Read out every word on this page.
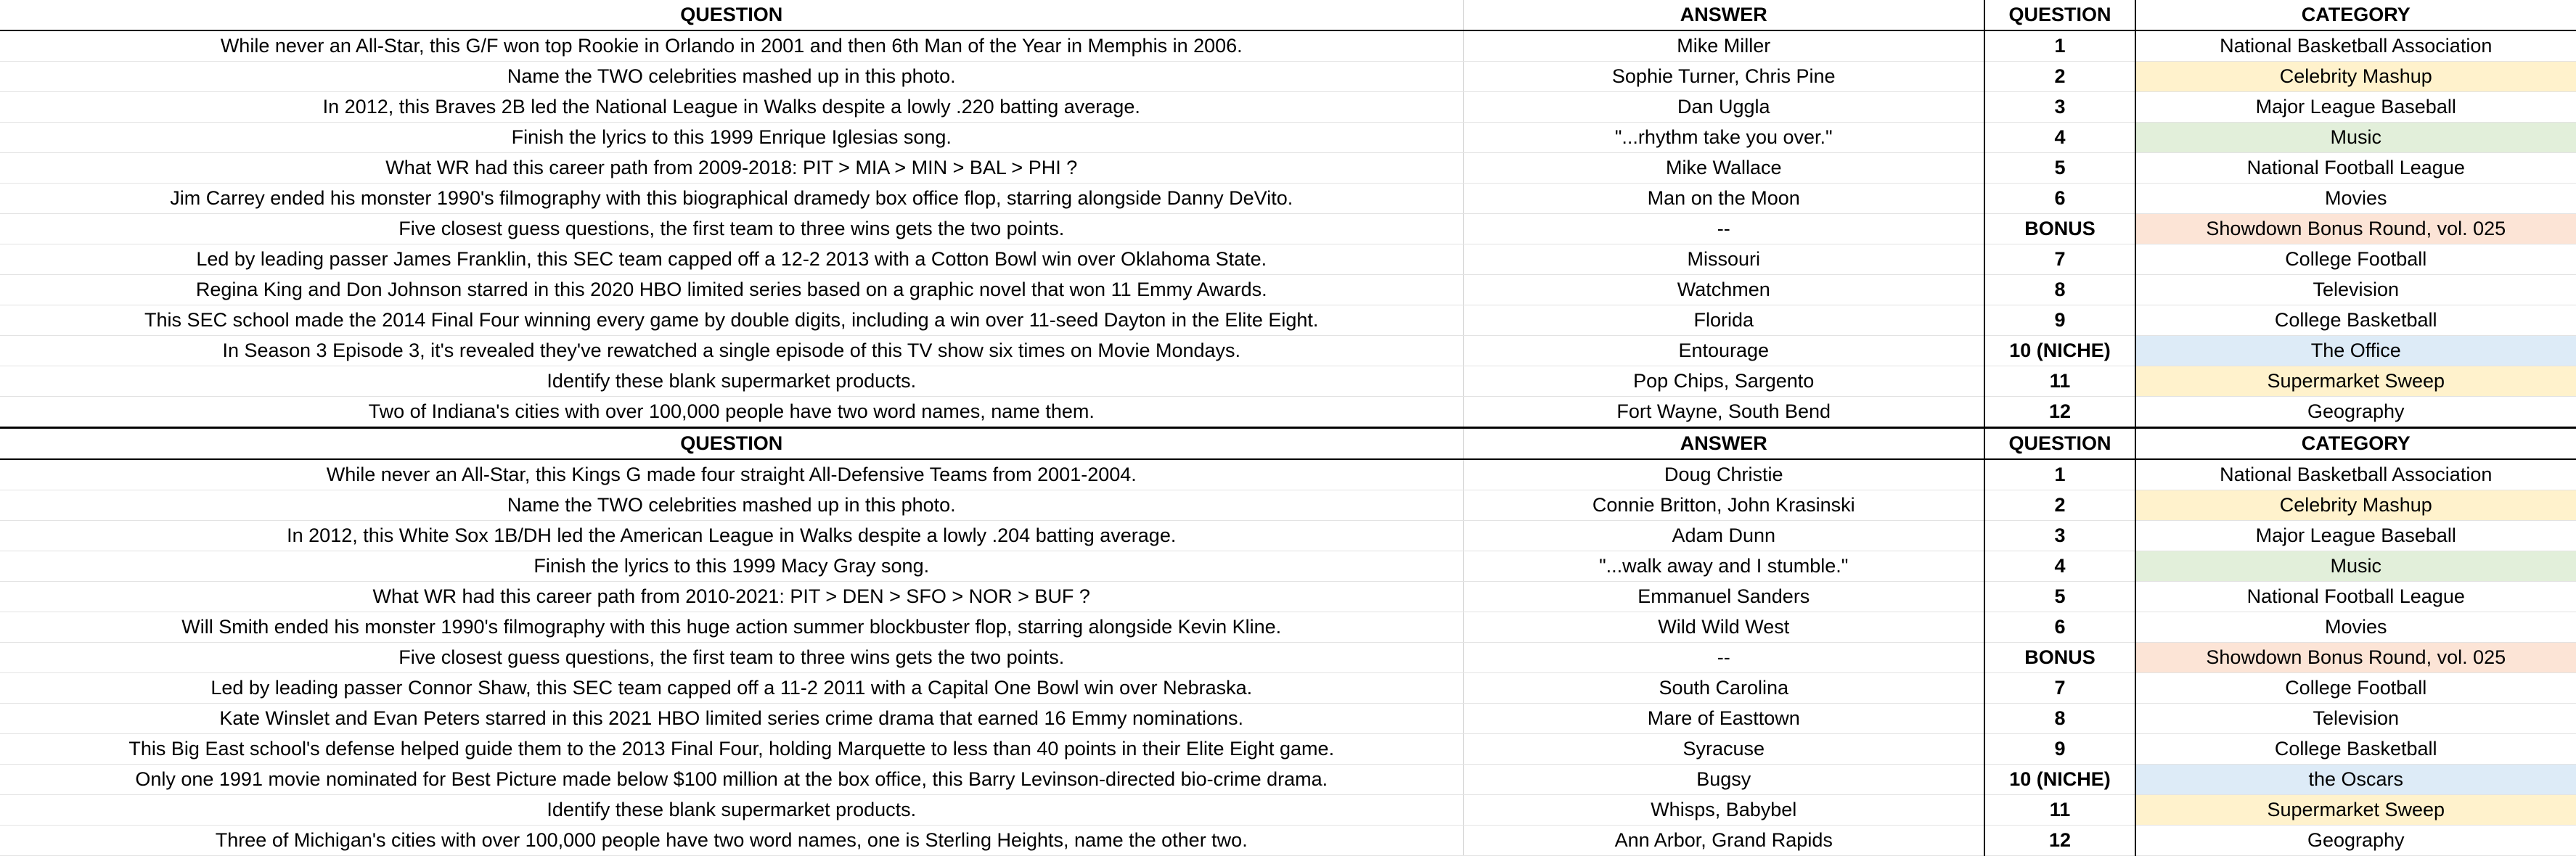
QUESTION	ANSWER	QUESTION	CATEGORY
While never an All-Star, this G/F won top Rookie in Orlando in 2001 and then 6th Man of the Year in Memphis in 2006.	Mike Miller	1	National Basketball Association
Name the TWO celebrities mashed up in this photo.	Sophie Turner, Chris Pine	2	Celebrity Mashup
In 2012, this Braves 2B led the National League in Walks despite a lowly .220 batting average.	Dan Uggla	3	Major League Baseball
Finish the lyrics to this 1999 Enrique Iglesias song.	"...rhythm take you over."	4	Music
What WR had this career path from 2009-2018: PIT > MIA > MIN > BAL > PHI ?	Mike Wallace	5	National Football League
Jim Carrey ended his monster 1990's filmography with this biographical dramedy box office flop, starring alongside Danny DeVito.	Man on the Moon	6	Movies
Five closest guess questions, the first team to three wins gets the two points.	--	BONUS	Showdown Bonus Round, vol. 025
Led by leading passer James Franklin, this SEC team capped off a 12-2 2013 with a Cotton Bowl win over Oklahoma State.	Missouri	7	College Football
Regina King and Don Johnson starred in this 2020 HBO limited series based on a graphic novel that won 11 Emmy Awards.	Watchmen	8	Television
This SEC school made the 2014 Final Four winning every game by double digits, including a win over 11-seed Dayton in the Elite Eight.	Florida	9	College Basketball
In Season 3 Episode 3, it's revealed they've rewatched a single episode of this TV show six times on Movie Mondays.	Entourage	10 (NICHE)	The Office
Identify these blank supermarket products.	Pop Chips, Sargento	11	Supermarket Sweep
Two of Indiana's cities with over 100,000 people have two word names, name them.	Fort Wayne, South Bend	12	Geography
QUESTION	ANSWER	QUESTION	CATEGORY
While never an All-Star, this Kings G made four straight All-Defensive Teams from 2001-2004.	Doug Christie	1	National Basketball Association
Name the TWO celebrities mashed up in this photo.	Connie Britton, John Krasinski	2	Celebrity Mashup
In 2012, this White Sox 1B/DH led the American League in Walks despite a lowly .204 batting average.	Adam Dunn	3	Major League Baseball
Finish the lyrics to this 1999 Macy Gray song.	"...walk away and I stumble."	4	Music
What WR had this career path from 2010-2021: PIT > DEN > SFO > NOR > BUF ?	Emmanuel Sanders	5	National Football League
Will Smith ended his monster 1990's filmography with this huge action summer blockbuster flop, starring alongside Kevin Kline.	Wild Wild West	6	Movies
Five closest guess questions, the first team to three wins gets the two points.	--	BONUS	Showdown Bonus Round, vol. 025
Led by leading passer Connor Shaw, this SEC team capped off a 11-2 2011 with a Capital One Bowl win over Nebraska.	South Carolina	7	College Football
Kate Winslet and Evan Peters starred in this 2021 HBO limited series crime drama that earned 16 Emmy nominations.	Mare of Easttown	8	Television
This Big East school's defense helped guide them to the 2013 Final Four, holding Marquette to less than 40 points in their Elite Eight game.	Syracuse	9	College Basketball
Only one 1991 movie nominated for Best Picture made below $100 million at the box office, this Barry Levinson-directed bio-crime drama.	Bugsy	10 (NICHE)	the Oscars
Identify these blank supermarket products.	Whisps, Babybel	11	Supermarket Sweep
Three of Michigan's cities with over 100,000 people have two word names, one is Sterling Heights, name the other two.	Ann Arbor, Grand Rapids	12	Geography
